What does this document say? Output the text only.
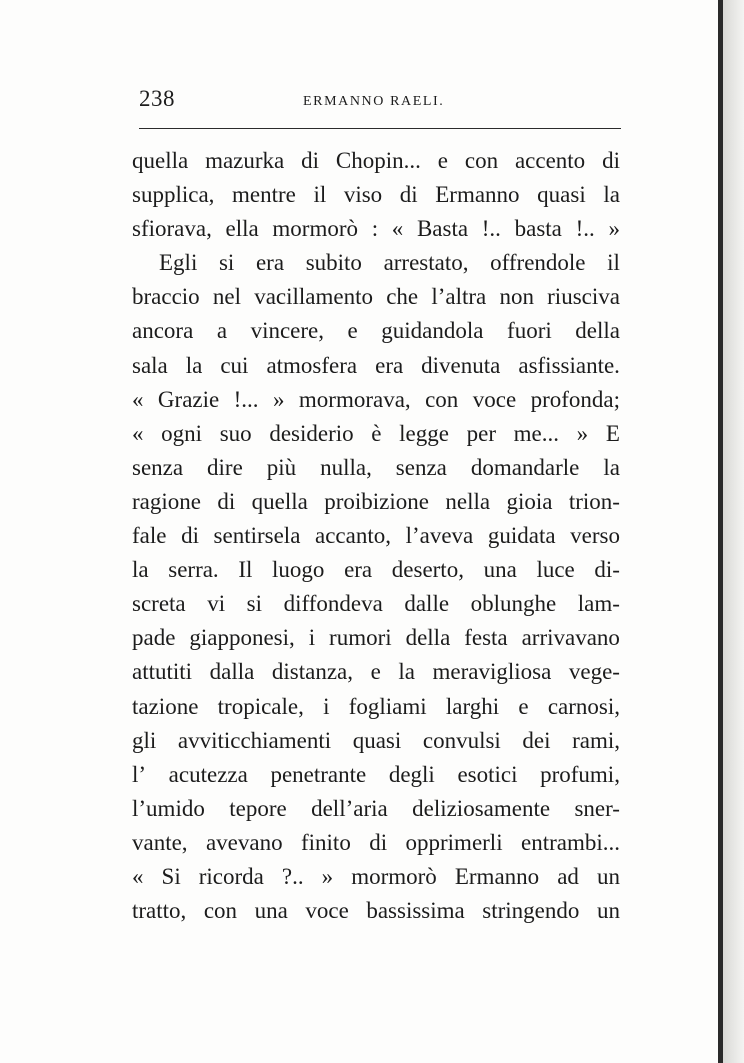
238	ERMANNO RAELI.
quella mazurka di Chopin... e con accento di
supplica, mentre il viso di Ermanno quasi la
sfiorava, ella mormorò : « Basta !.. basta !.. »
Egli si era subito arrestato, offrendole il
braccio nel vacillamento che l’altra non riusciva
ancora a vincere, e guidandola fuori della
sala la cui atmosfera era divenuta asfissiante.
« Grazie !... » mormorava, con voce profonda;
« ogni suo desiderio è legge per me... » E
senza dire più nulla, senza domandarle la
ragione di quella proibizione nella gioia trion-
fale di sentirsela accanto, l’aveva guidata verso
la serra. Il luogo era deserto, una luce di-
screta vi si diffondeva dalle oblunghe lam-
pade giapponesi, i rumori della festa arrivavano
attutiti dalla distanza, e la meravigliosa vege-
tazione tropicale, i fogliami larghi e carnosi,
gli avviticchiamenti quasi convulsi dei rami,
l’ acutezza penetrante degli esotici profumi,
l’umido tepore dell’aria deliziosamente sner-
vante, avevano finito di opprimerli entrambi...
« Si ricorda ?.. » mormorò Ermanno ad un
tratto, con una voce bassissima stringendo un
